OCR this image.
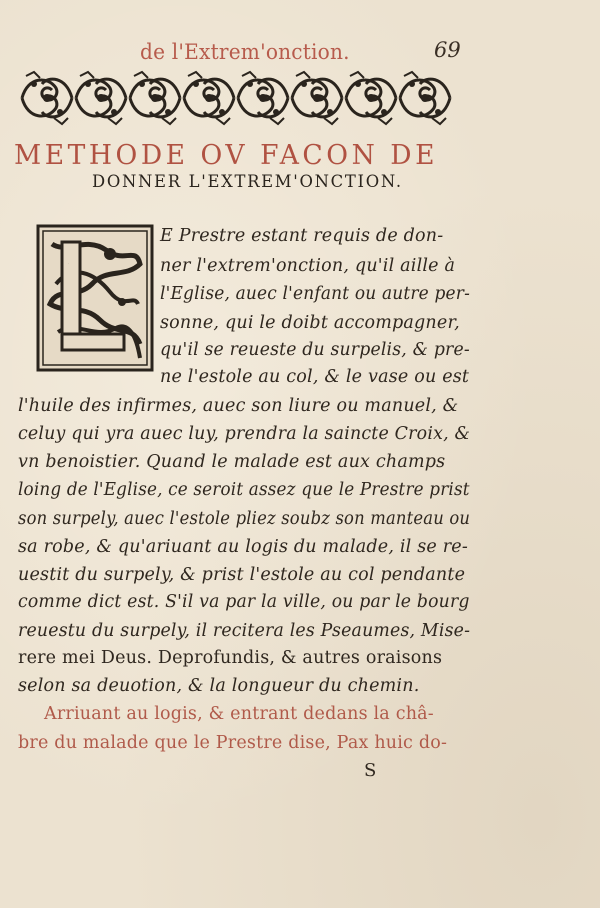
de l'Extrem'onction.	69
METHODE OV FACON DE
DONNER L'EXTREM'ONCTION.
L
E Prestre estant requis de don-
ner l'extrem'onction, qu'il aille à
l'Eglise, auec l'enfant ou autre per-
sonne, qui le doibt accompagner,
qu'il se reueste du surpelis, & pre-
ne l'estole au col, & le vase ou est
l'huile des infirmes, auec son liure ou manuel, &
celuy qui yra auec luy, prendra la saincte Croix, &
vn benoistier. Quand le malade est aux champs
loing de l'Eglise, ce seroit assez que le Prestre prist
son surpely, auec l'estole pliez soubz son manteau ou
sa robe, & qu'ariuant au logis du malade, il se re-
uestit du surpely, & prist l'estole au col pendante
comme dict est. S'il va par la ville, ou par le bourg
reuestu du surpely, il recitera les Pseaumes, Mise-
rere mei Deus. Deprofundis, & autres oraisons
selon sa deuotion, & la longueur du chemin.
Arriuant au logis, & entrant dedans la châ-
bre du malade que le Prestre dise, Pax huic do-
S
